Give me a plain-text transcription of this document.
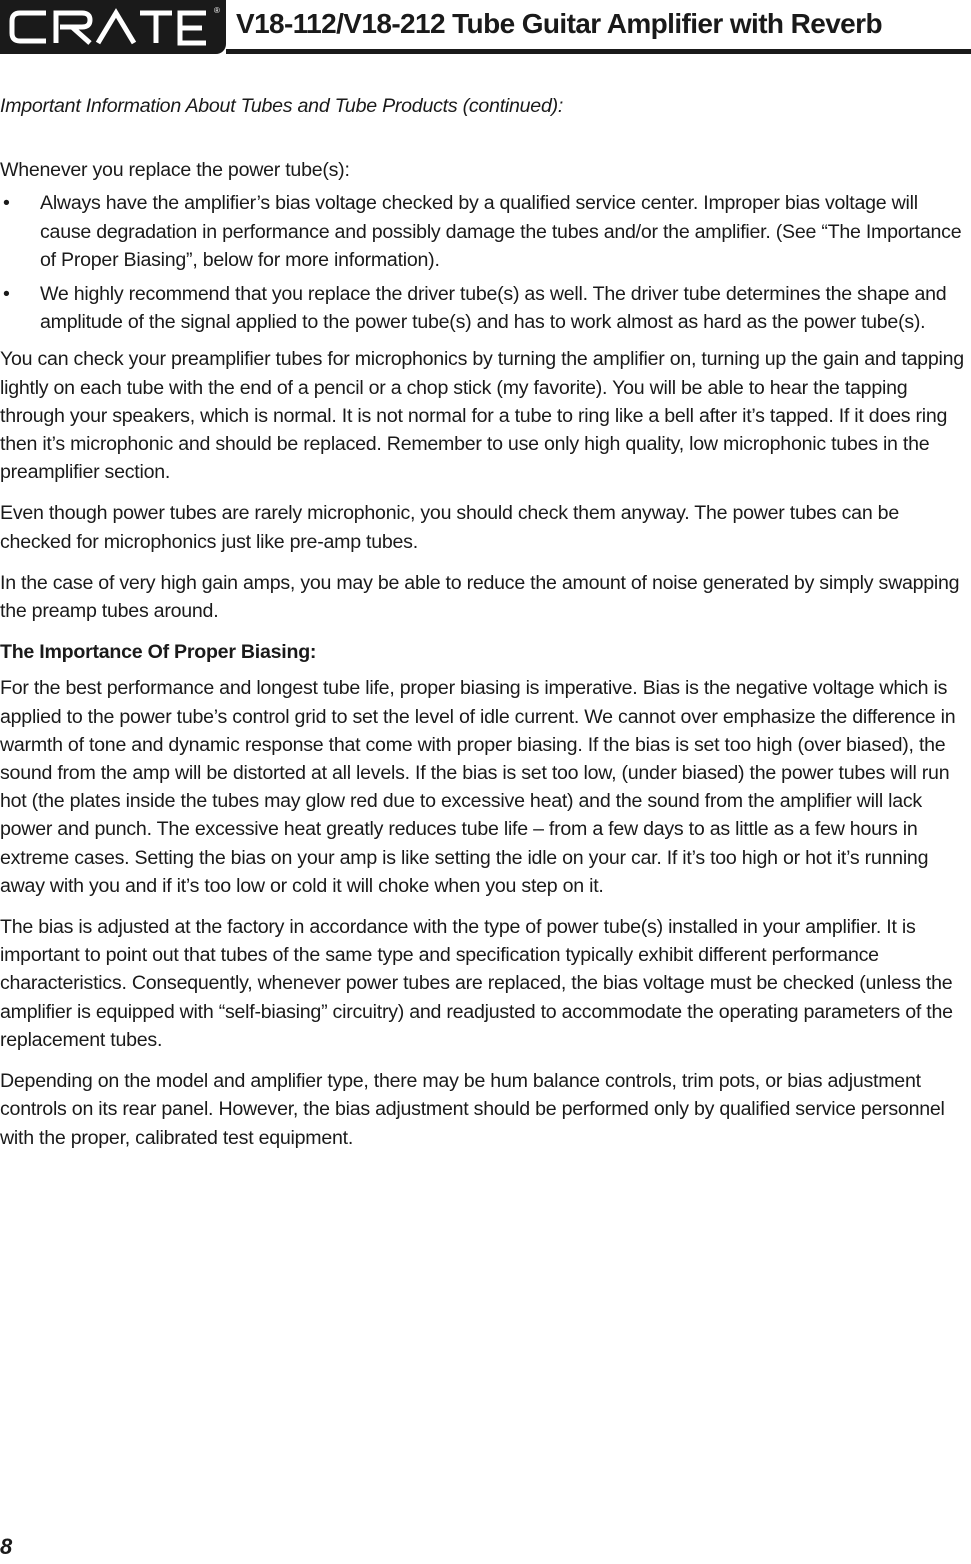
® V18-112/V18-212 Tube Guitar Amplifier with Reverb

Important Information About Tubes and Tube Products (continued):

Whenever you replace the power tube(s):

• Always have the amplifier’s bias voltage checked by a qualified service center. Improper bias voltage will cause degradation in performance and possibly damage the tubes and/or the amplifier. (See “The Importance of Proper Biasing”, below for more information).
• We highly recommend that you replace the driver tube(s) as well. The driver tube determines the shape and amplitude of the signal applied to the power tube(s) and has to work almost as hard as the power tube(s).

You can check your preamplifier tubes for microphonics by turning the amplifier on, turning up the gain and tapping lightly on each tube with the end of a pencil or a chop stick (my favorite). You will be able to hear the tapping through your speakers, which is normal. It is not normal for a tube to ring like a bell after it’s tapped. If it does ring then it’s microphonic and should be replaced. Remember to use only high quality, low microphonic tubes in the preamplifier section.

Even though power tubes are rarely microphonic, you should check them anyway. The power tubes can be checked for microphonics just like pre-amp tubes.

In the case of very high gain amps, you may be able to reduce the amount of noise generated by simply swapping the preamp tubes around.

The Importance Of Proper Biasing:

For the best performance and longest tube life, proper biasing is imperative. Bias is the negative voltage which is applied to the power tube’s control grid to set the level of idle current. We cannot over emphasize the difference in warmth of tone and dynamic response that come with proper biasing. If the bias is set too high (over biased), the sound from the amp will be distorted at all levels. If the bias is set too low, (under biased) the power tubes will run hot (the plates inside the tubes may glow red due to excessive heat) and the sound from the amplifier will lack power and punch. The excessive heat greatly reduces tube life – from a few days to as little as a few hours in extreme cases. Setting the bias on your amp is like setting the idle on your car. If it’s too high or hot it’s running away with you and if it’s too low or cold it will choke when you step on it.

The bias is adjusted at the factory in accordance with the type of power tube(s) installed in your amplifier. It is important to point out that tubes of the same type and specification typically exhibit different performance characteristics. Consequently, whenever power tubes are replaced, the bias voltage must be checked (unless the amplifier is equipped with “self-biasing” circuitry) and readjusted to accommodate the operating parameters of the replacement tubes.

Depending on the model and amplifier type, there may be hum balance controls, trim pots, or bias adjustment controls on its rear panel. However, the bias adjustment should be performed only by qualified service personnel with the proper, calibrated test equipment.

8
